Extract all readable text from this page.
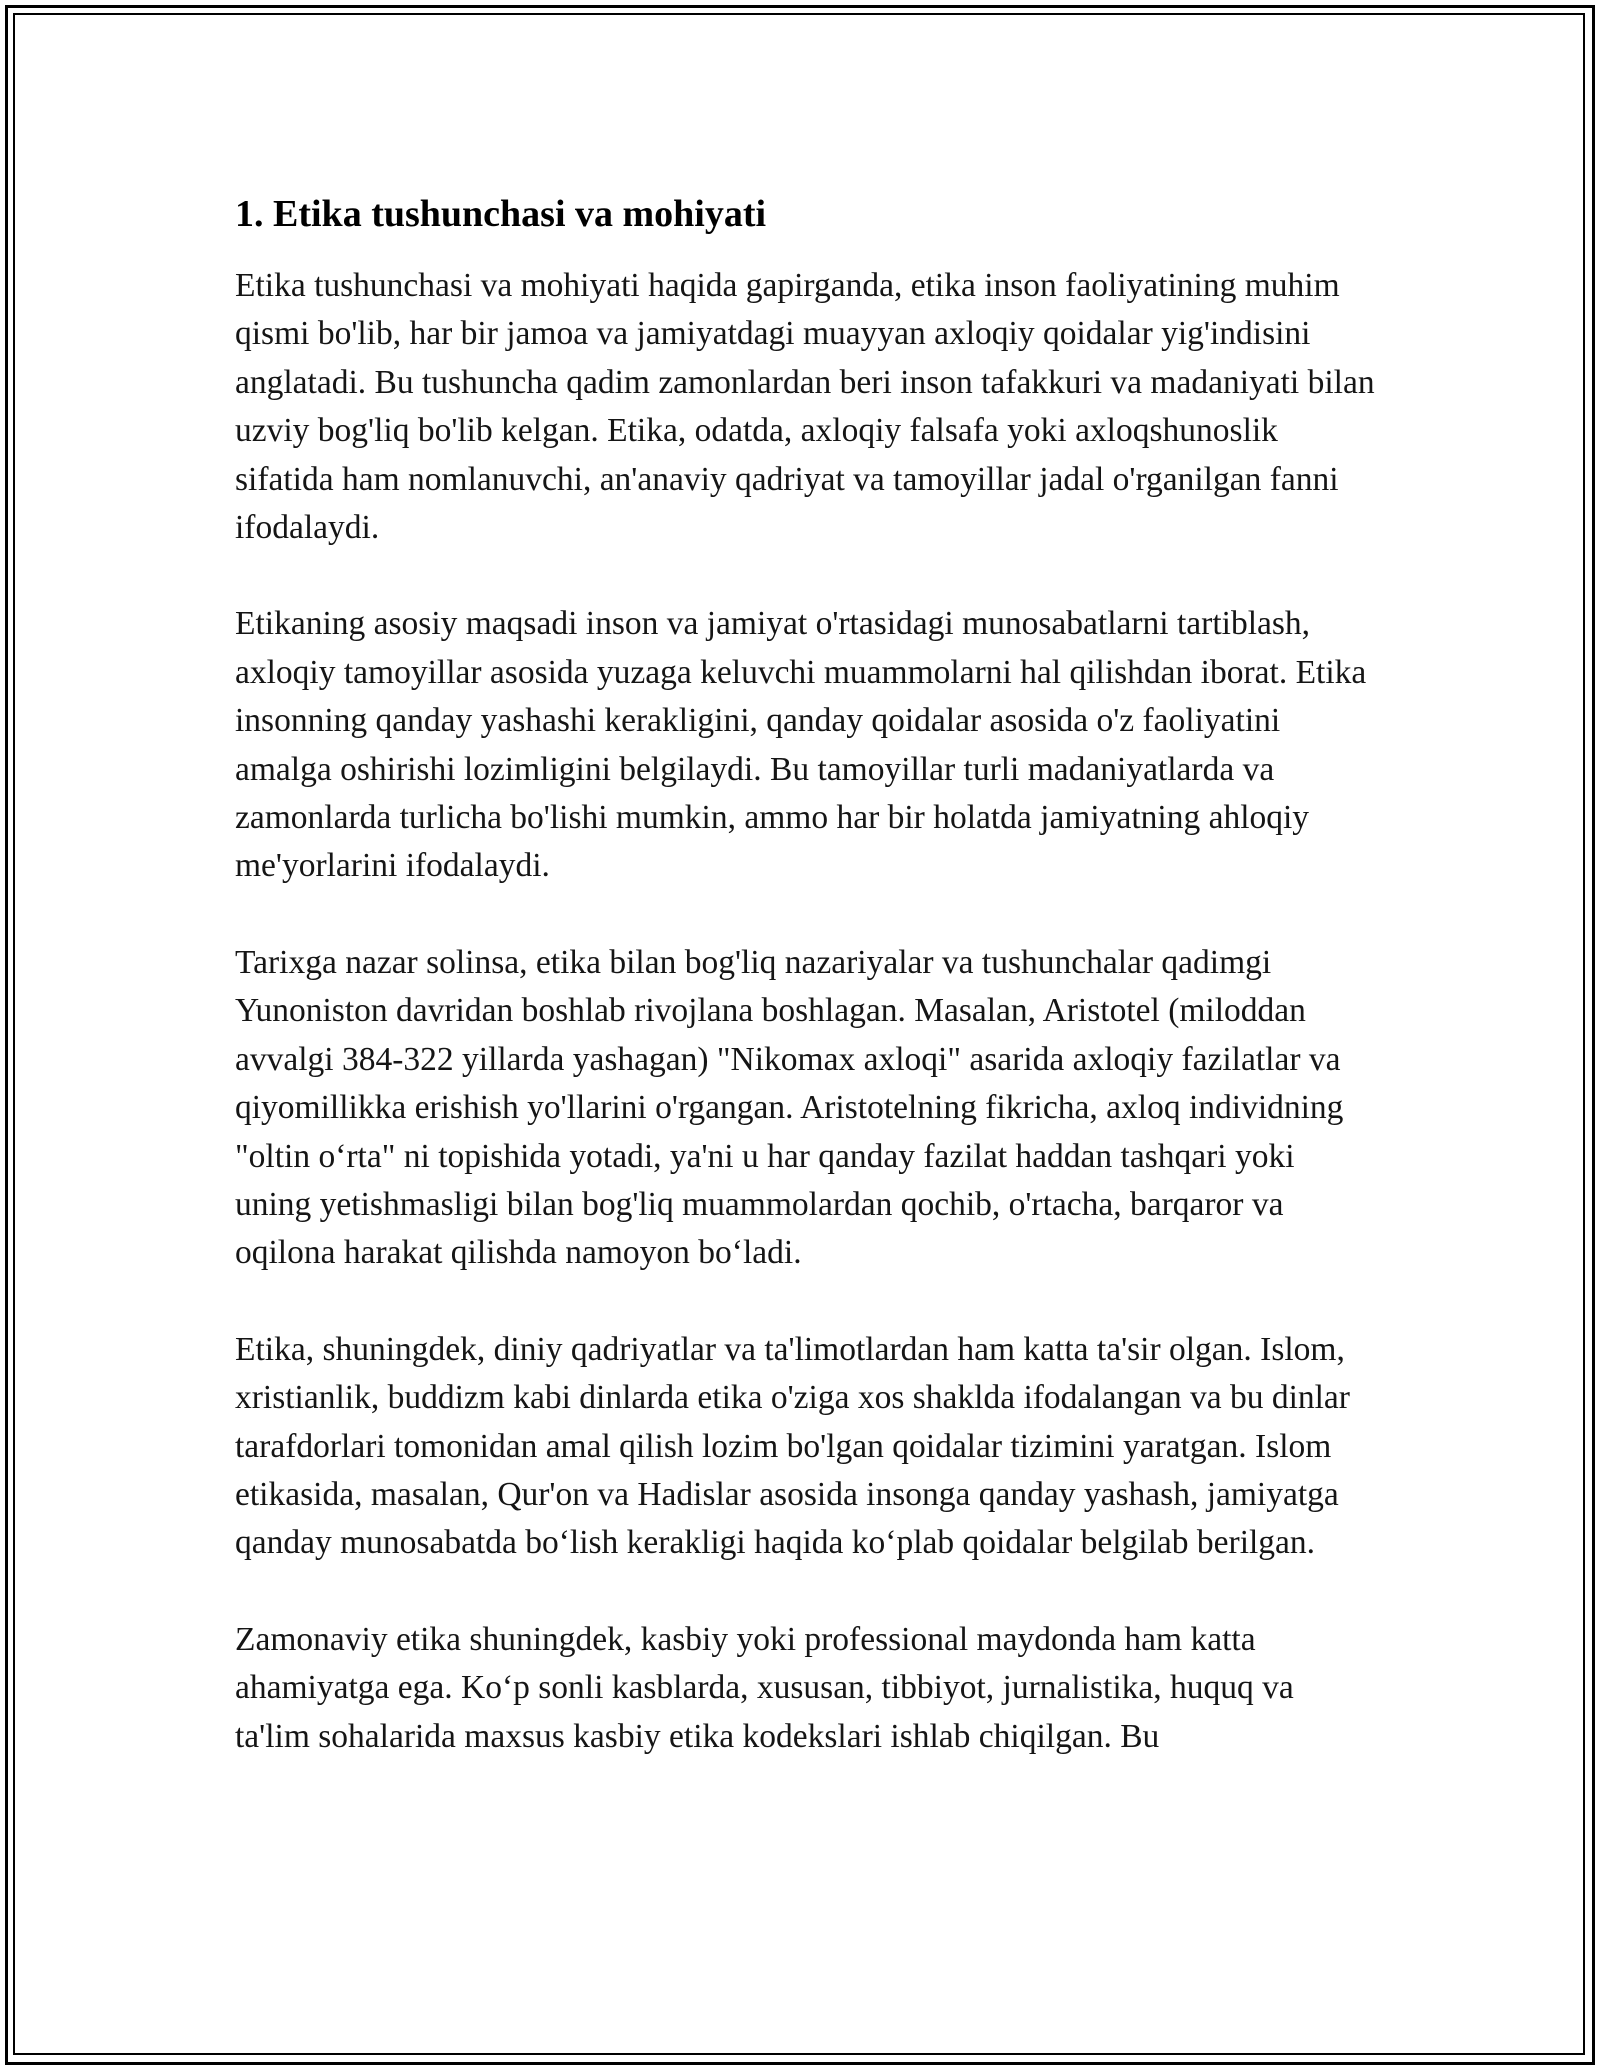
1. Etika tushunchasi va mohiyati

Etika tushunchasi va mohiyati haqida gapirganda, etika inson faoliyatining muhim qismi bo'lib, har bir jamoa va jamiyatdagi muayyan axloqiy qoidalar yig'indisini anglatadi. Bu tushuncha qadim zamonlardan beri inson tafakkuri va madaniyati bilan uzviy bog'liq bo'lib kelgan. Etika, odatda, axloqiy falsafa yoki axloqshunoslik sifatida ham nomlanuvchi, an'anaviy qadriyat va tamoyillar jadal o'rganilgan fanni ifodalaydi.

Etikaning asosiy maqsadi inson va jamiyat o'rtasidagi munosabatlarni tartiblash, axloqiy tamoyillar asosida yuzaga keluvchi muammolarni hal qilishdan iborat. Etika insonning qanday yashashi kerakligini, qanday qoidalar asosida o'z faoliyatini amalga oshirishi lozimligini belgilaydi. Bu tamoyillar turli madaniyatlarda va zamonlarda turlicha bo'lishi mumkin, ammo har bir holatda jamiyatning ahloqiy me'yorlarini ifodalaydi.

Tarixga nazar solinsa, etika bilan bog'liq nazariyalar va tushunchalar qadimgi Yunoniston davridan boshlab rivojlana boshlagan. Masalan, Aristotel (miloddan avvalgi 384-322 yillarda yashagan) "Nikomax axloqi" asarida axloqiy fazilatlar va qiyomillikka erishish yo'llarini o'rgangan. Aristotelning fikricha, axloq individning "oltin o‘rta" ni topishida yotadi, ya'ni u har qanday fazilat haddan tashqari yoki uning yetishmasligi bilan bog'liq muammolardan qochib, o'rtacha, barqaror va oqilona harakat qilishda namoyon bo‘ladi.

Etika, shuningdek, diniy qadriyatlar va ta'limotlardan ham katta ta'sir olgan. Islom, xristianlik, buddizm kabi dinlarda etika o'ziga xos shaklda ifodalangan va bu dinlar tarafdorlari tomonidan amal qilish lozim bo'lgan qoidalar tizimini yaratgan. Islom etikasida, masalan, Qur'on va Hadislar asosida insonga qanday yashash, jamiyatga qanday munosabatda bo‘lish kerakligi haqida ko‘plab qoidalar belgilab berilgan.

Zamonaviy etika shuningdek, kasbiy yoki professional maydonda ham katta ahamiyatga ega. Ko‘p sonli kasblarda, xususan, tibbiyot, jurnalistika, huquq va ta'lim sohalarida maxsus kasbiy etika kodekslari ishlab chiqilgan. Bu
